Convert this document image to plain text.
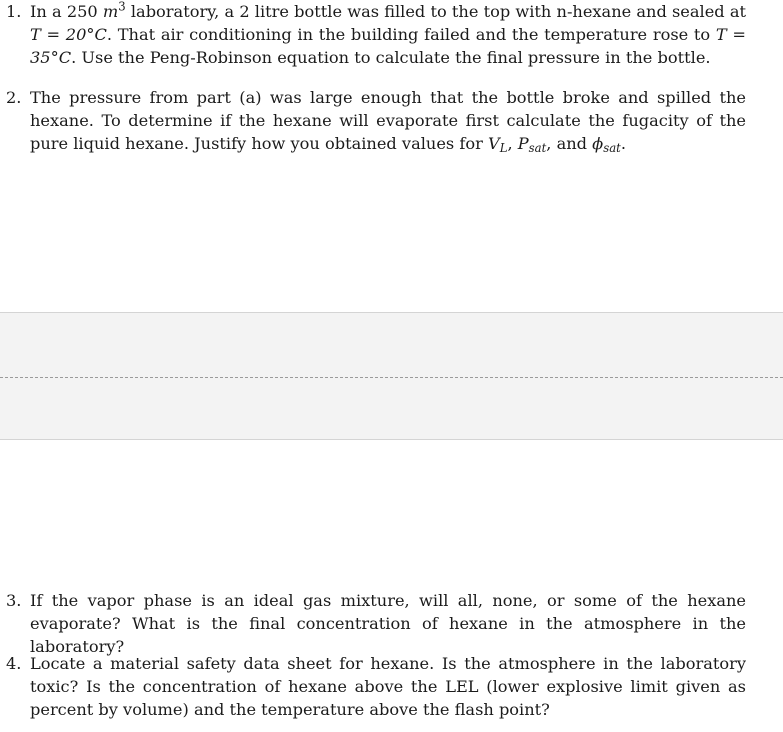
1. In a 250 $m^3$ laboratory, a 2 litre bottle was filled to the top with n-hexane and sealed at T = 20°C. That air conditioning in the building failed and the temperature rose to T = 35°C. Use the Peng-Robinson equation to calculate the final pressure in the bottle.
2. The pressure from part (a) was large enough that the bottle broke and spilled the hexane. To determine if the hexane will evaporate first calculate the fugacity of the pure liquid hexane. Justify how you obtained values for $V_L$, $P_{sat}$, and $\phi_{sat}$.
3. If the vapor phase is an ideal gas mixture, will all, none, or some of the hexane evaporate? What is the final concentration of hexane in the atmosphere in the laboratory?
4. Locate a material safety data sheet for hexane. Is the atmosphere in the laboratory toxic? Is the concentration of hexane above the LEL (lower explosive limit given as percent by volume) and the temperature above the flash point?
